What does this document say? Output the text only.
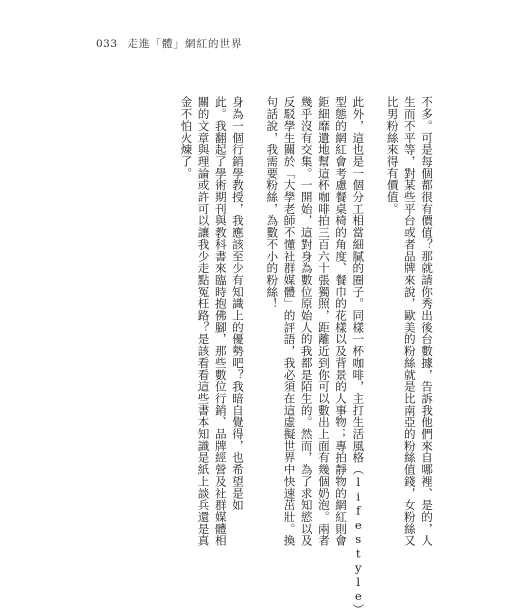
033 走進「體」網紅的世界
不多。可是每個都很有價值？那就請你秀出後台數據，告訴我他們來自哪裡、是的，人
生而不平等，對某些平台或者品牌來說，歐美的粉絲就是比南亞的粉絲值錢，女粉絲又
比男粉絲來得有價值。
此外，這也是一個分工相當細膩的圈子。同樣一杯咖啡，主打生活風格（lifestyle）
型態的網紅會考慮餐桌椅的角度、餐巾的花樣以及背景的人事物；專拍靜物的網紅則會
鉅細靡遺地幫這杯咖啡拍三百六十張獨照，距離近到你可以數出上面有幾個奶泡。兩者
幾乎沒有交集。一開始，這對身為數位原始人的我都是陌生的。然而，為了求知慾以及
反駁學生關於「大學老師不懂社群媒體」的評語，我必須在這虛擬世界中快速茁壯。換
句話說，我需要粉絲，為數不小的粉絲！
身為一個行銷學教授，我應該至少有知識上的優勢吧？我暗自覺得，也希望是如
此。我翻起了學術期刊與教科書來臨時抱佛腳，那些數位行銷、品牌經營及社群媒體相
關的文章與理論或許可以讓我少走點冤枉路？是該看看這些書本知識是紙上談兵還是真
金不怕火煉了。
